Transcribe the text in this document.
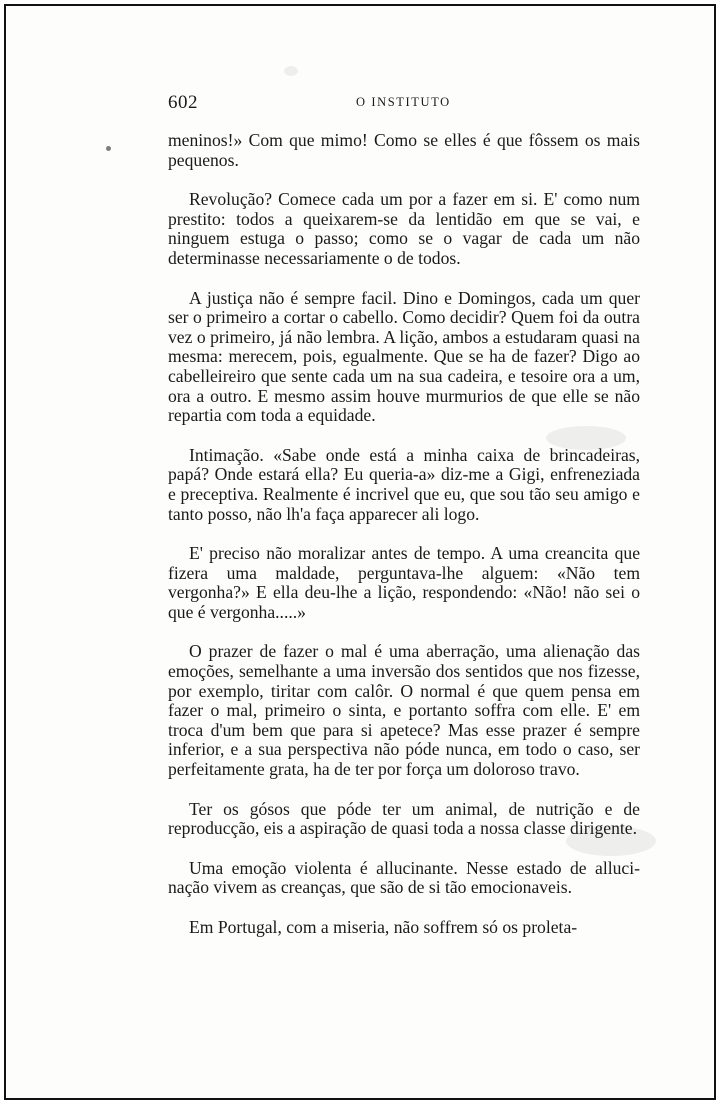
602	O INSTITUTO

meninos!» Com que mimo! Como se elles é que fôssem os mais pequenos.

Revolução? Comece cada um por a fazer em si. E' como num prestito: todos a queixarem-se da lentidão em que se vai, e ninguem estuga o passo; como se o vagar de cada um não determinasse necessariamente o de todos.

A justiça não é sempre facil. Dino e Domingos, cada um quer ser o primeiro a cortar o cabello. Como decidir? Quem foi da outra vez o primeiro, já não lembra. A lição, ambos a estudaram quasi na mesma: merecem, pois, egualmente. Que se ha de fazer? Digo ao cabelleireiro que sente cada um na sua cadeira, e tesoire ora a um, ora a outro. E mesmo assim houve murmurios de que elle se não repartia com toda a equidade.

Intimação. «Sabe onde está a minha caixa de brincadeiras, papá? Onde estará ella? Eu queria-a» diz-me a Gigi, enfreneziada e preceptiva. Realmente é incrivel que eu, que sou tão seu amigo e tanto posso, não lh'a faça apparecer ali logo.

E' preciso não moralizar antes de tempo. A uma creancita que fizera uma maldade, perguntava-lhe alguem: «Não tem vergonha?» E ella deu-lhe a lição, respondendo: «Não! não sei o que é vergonha.....»

O prazer de fazer o mal é uma aberração, uma alienação das emoções, semelhante a uma inversão dos sentidos que nos fizesse, por exemplo, tiritar com calôr. O normal é que quem pensa em fazer o mal, primeiro o sinta, e portanto soffra com elle. E' em troca d'um bem que para si apetece? Mas esse prazer é sempre inferior, e a sua perspectiva não póde nunca, em todo o caso, ser perfeitamente grata, ha de ter por força um doloroso travo.

Ter os gósos que póde ter um animal, de nutrição e de reproducção, eis a aspiração de quasi toda a nossa classe dirigente.

Uma emoção violenta é allucinante. Nesse estado de allucinação vivem as creanças, que são de si tão emocionaveis.

Em Portugal, com a miseria, não soffrem só os proleta-
